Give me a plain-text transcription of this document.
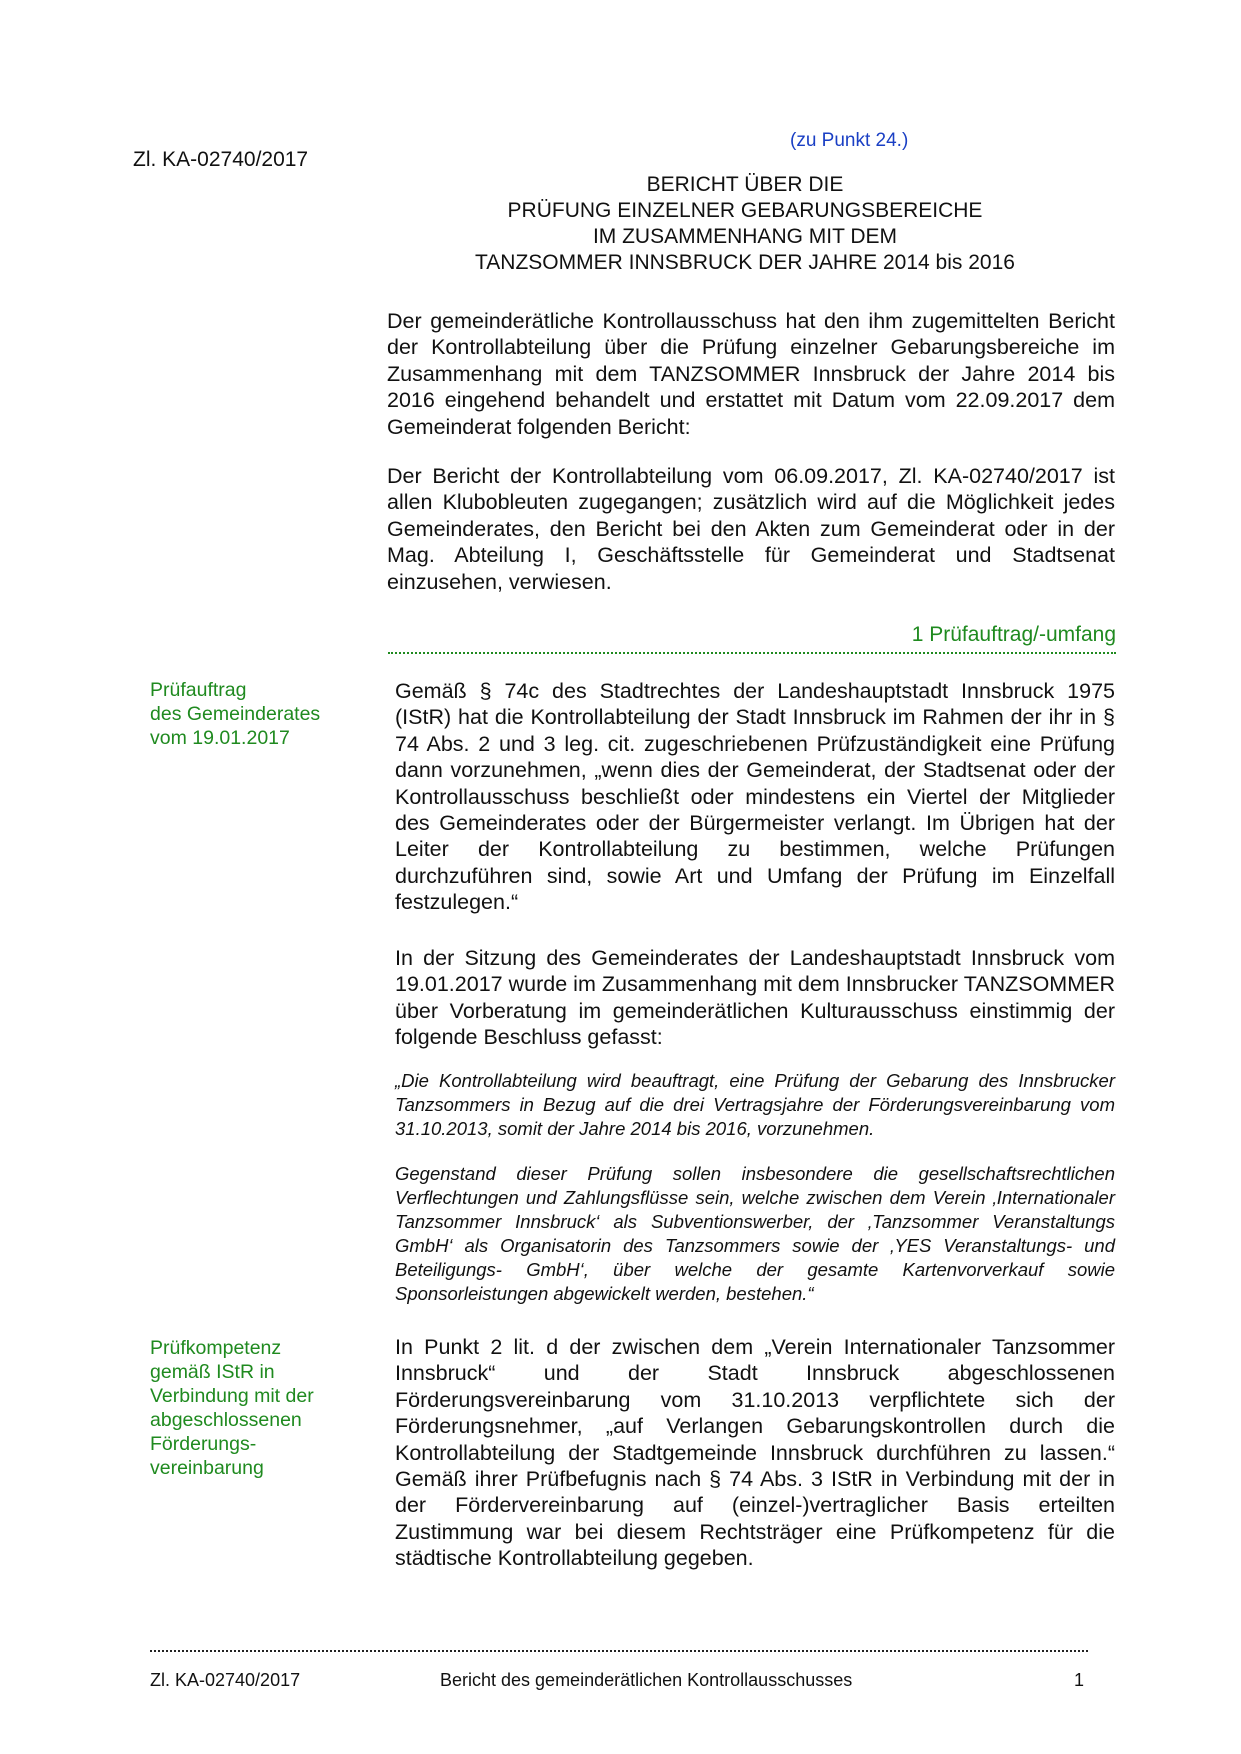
Zl. KA-02740/2017
(zu Punkt 24.)
BERICHT ÜBER DIE
PRÜFUNG EINZELNER GEBARUNGSBEREICHE
IM ZUSAMMENHANG MIT DEM
TANZSOMMER INNSBRUCK DER JAHRE 2014 bis 2016
Der gemeinderätliche Kontrollausschuss hat den ihm zugemittelten Bericht der Kontrollabteilung über die Prüfung einzelner Gebarungsbereiche im Zusammenhang mit dem TANZSOMMER Innsbruck der Jahre 2014 bis 2016 eingehend behandelt und erstattet mit Datum vom 22.09.2017 dem Gemeinderat folgenden Bericht:
Der Bericht der Kontrollabteilung vom 06.09.2017, Zl. KA-02740/2017 ist allen Klubobleuten zugegangen; zusätzlich wird auf die Möglichkeit jedes Gemeinderates, den Bericht bei den Akten zum Gemeinderat oder in der Mag. Abteilung I, Geschäftsstelle für Gemeinderat und Stadtsenat einzusehen, verwiesen.
1 Prüfauftrag/-umfang
Prüfauftrag
des Gemeinderates
vom 19.01.2017
Gemäß § 74c des Stadtrechtes der Landeshauptstadt Innsbruck 1975 (IStR) hat die Kontrollabteilung der Stadt Innsbruck im Rahmen der ihr in § 74 Abs. 2 und 3 leg. cit. zugeschriebenen Prüfzuständigkeit eine Prüfung dann vorzunehmen, „wenn dies der Gemeinderat, der Stadtsenat oder der Kontrollausschuss beschließt oder mindestens ein Viertel der Mitglieder des Gemeinderates oder der Bürgermeister verlangt. Im Übrigen hat der Leiter der Kontrollabteilung zu bestimmen, welche Prüfungen durchzuführen sind, sowie Art und Umfang der Prüfung im Einzelfall festzulegen.“
In der Sitzung des Gemeinderates der Landeshauptstadt Innsbruck vom 19.01.2017 wurde im Zusammenhang mit dem Innsbrucker TANZSOMMER über Vorberatung im gemeinderätlichen Kulturausschuss einstimmig der folgende Beschluss gefasst:
„Die Kontrollabteilung wird beauftragt, eine Prüfung der Gebarung des Innsbrucker Tanzsommers in Bezug auf die drei Vertragsjahre der Förderungsvereinbarung vom 31.10.2013, somit der Jahre 2014 bis 2016, vorzunehmen.
Gegenstand dieser Prüfung sollen insbesondere die gesellschaftsrechtlichen Verflechtungen und Zahlungsflüsse sein, welche zwischen dem Verein ‚Internationaler Tanzsommer Innsbruck‘ als Subventionswerber, der ‚Tanzsommer Veranstaltungs GmbH‘ als Organisatorin des Tanzsommers sowie der ‚YES Veranstaltungs- und Beteiligungs- GmbH‘, über welche der gesamte Kartenvorverkauf sowie Sponsorleistungen abgewickelt werden, bestehen.“
Prüfkompetenz
gemäß IStR in
Verbindung mit der
abgeschlossenen
Förderungs-
vereinbarung
In Punkt 2 lit. d der zwischen dem „Verein Internationaler Tanzsommer Innsbruck“ und der Stadt Innsbruck abgeschlossenen Förderungsvereinbarung vom 31.10.2013 verpflichtete sich der Förderungsnehmer, „auf Verlangen Gebarungskontrollen durch die Kontrollabteilung der Stadtgemeinde Innsbruck durchführen zu lassen.“ Gemäß ihrer Prüfbefugnis nach § 74 Abs. 3 IStR in Verbindung mit der in der Fördervereinbarung auf (einzel-)vertraglicher Basis erteilten Zustimmung war bei diesem Rechtsträger eine Prüfkompetenz für die städtische Kontrollabteilung gegeben.
Zl. KA-02740/2017	Bericht des gemeinderätlichen Kontrollausschusses	1
